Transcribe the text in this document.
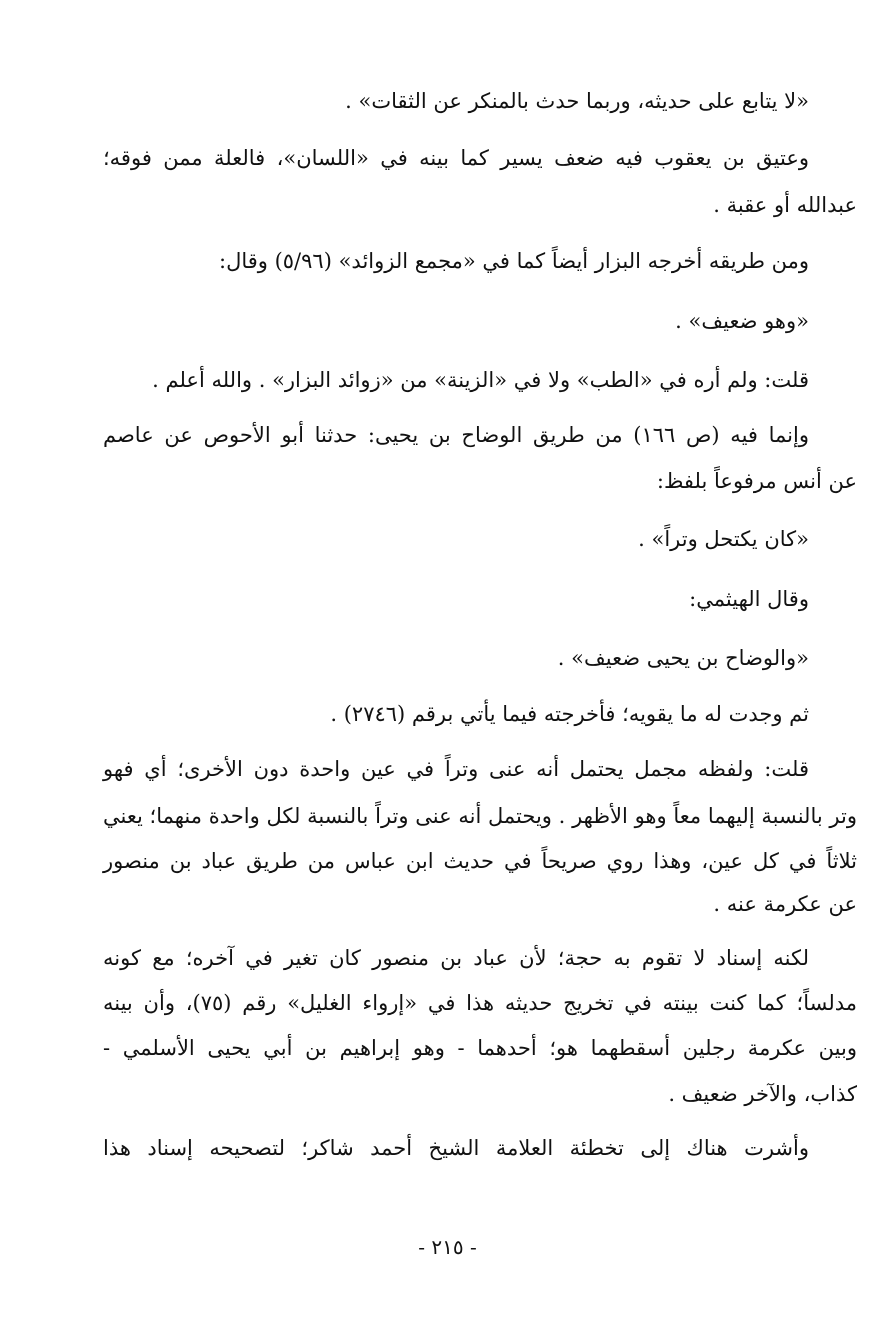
«لا يتابع على حديثه، وربما حدث بالمنكر عن الثقات» .
وعتيق بن يعقوب فيه ضعف يسير كما بينه في «اللسان»، فالعلة ممن فوقه؛
عبدالله أو عقبة .
ومن طريقه أخرجه البزار أيضاً كما في «مجمع الزوائد» (٥/٩٦) وقال:
«وهو ضعيف» .
قلت: ولم أره في «الطب» ولا في «الزينة» من «زوائد البزار» . والله أعلم .
وإنما فيه (ص ١٦٦) من طريق الوضاح بن يحيى: حدثنا أبو الأحوص عن عاصم
عن أنس مرفوعاً بلفظ:
«كان يكتحل وتراً» .
وقال الهيثمي:
«والوضاح بن يحيى ضعيف» .
ثم وجدت له ما يقويه؛ فأخرجته فيما يأتي برقم (٢٧٤٦) .
قلت: ولفظه مجمل يحتمل أنه عنى وتراً في عين واحدة دون الأخرى؛ أي فهو
وتر بالنسبة إليهما معاً وهو الأظهر . ويحتمل أنه عنى وتراً بالنسبة لكل واحدة منهما؛ يعني
ثلاثاً في كل عين، وهذا روي صريحاً في حديث ابن عباس من طريق عباد بن منصور
عن عكرمة عنه .
لكنه إسناد لا تقوم به حجة؛ لأن عباد بن منصور كان تغير في آخره؛ مع كونه
مدلساً؛ كما كنت بينته في تخريج حديثه هذا في «إرواء الغليل» رقم (٧٥)، وأن بينه
وبين عكرمة رجلين أسقطهما هو؛ أحدهما - وهو إبراهيم بن أبي يحيى الأسلمي -
كذاب، والآخر ضعيف .
وأشرت هناك إلى تخطئة العلامة الشيخ أحمد شاكر؛ لتصحيحه إسناد هذا
- ٢١٥ -
